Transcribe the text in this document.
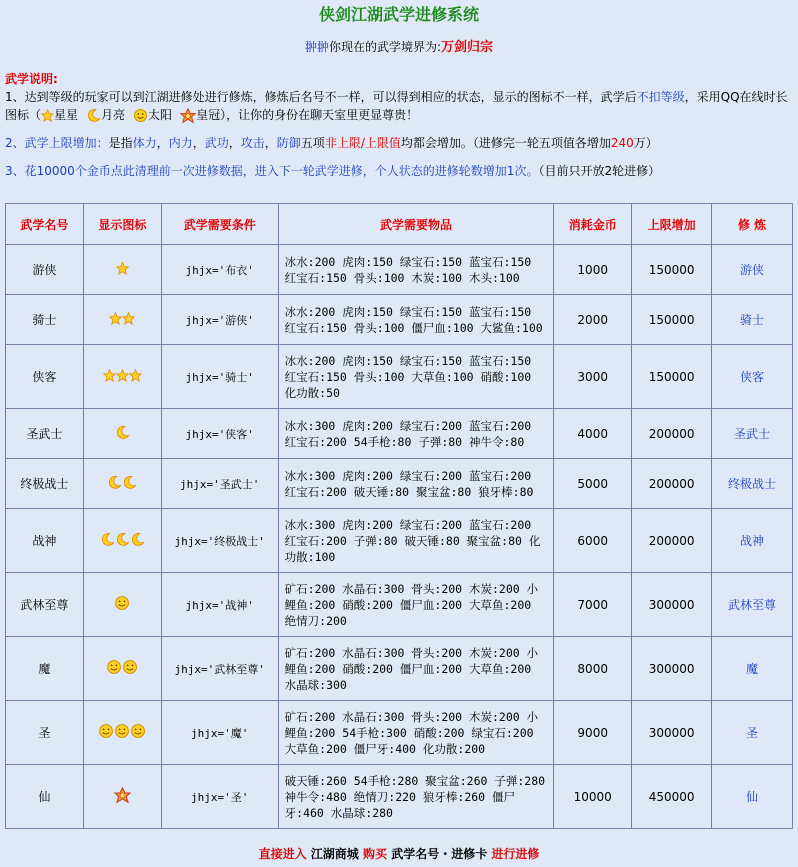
侠剑江湖武学进修系统
翀翀你现在的武学境界为:万剑归宗
武学说明:

1、达到等级的玩家可以到江湖进修处进行修炼，修炼后名号不一样，可以得到相应的状态，显示的图标不一样，武学后不扣等级，采用QQ在线时长图标（ 星星 月亮 太阳 皇冠），让你的身份在聊天室里更显尊贵！

2、武学上限增加：是指体力，内力，武功，攻击，防御五项非上限/上限值均都会增加。（进修完一轮五项值各增加240万）

3、花10000个金币点此清理前一次进修数据，进入下一轮武学进修，个人状态的进修轮数增加1次。（目前只开放2轮进修）

武学名号	显示图标	武学需要条件	武学需要物品	消耗金币	上限增加	修 炼
游侠		jhjx='布衣'	冰水:200 虎肉:150 绿宝石:150 蓝宝石:150 红宝石:150 骨头:100 木炭:100 木头:100	1000	150000	游侠
骑士		jhjx='游侠'	冰水:200 虎肉:150 绿宝石:150 蓝宝石:150 红宝石:150 骨头:100 僵尸血:100 大鲨鱼:100	2000	150000	骑士
侠客		jhjx='骑士'	冰水:200 虎肉:150 绿宝石:150 蓝宝石:150 红宝石:150 骨头:100 大草鱼:100 硝酸:100 化功散:50	3000	150000	侠客
圣武士		jhjx='侠客'	冰水:300 虎肉:200 绿宝石:200 蓝宝石:200 红宝石:200 54手枪:80 子弹:80 神牛令:80	4000	200000	圣武士
终极战士		jhjx='圣武士'	冰水:300 虎肉:200 绿宝石:200 蓝宝石:200 红宝石:200 破天锤:80 聚宝盆:80 狼牙棒:80	5000	200000	终极战士
战神		jhjx='终极战士'	冰水:300 虎肉:200 绿宝石:200 蓝宝石:200 红宝石:200 子弹:80 破天锤:80 聚宝盆:80 化功散:100	6000	200000	战神
武林至尊		jhjx='战神'	矿石:200 水晶石:300 骨头:200 木炭:200 小鲤鱼:200 硝酸:200 僵尸血:200 大草鱼:200 绝情刀:200	7000	300000	武林至尊
魔		jhjx='武林至尊'	矿石:200 水晶石:300 骨头:200 木炭:200 小鲤鱼:200 硝酸:200 僵尸血:200 大草鱼:200 水晶球:300	8000	300000	魔
圣		jhjx='魔'	矿石:200 水晶石:300 骨头:200 木炭:200 小鲤鱼:200 54手枪:300 硝酸:200 绿宝石:200 大草鱼:200 僵尸牙:400 化功散:200	9000	300000	圣
仙		jhjx='圣'	破天锤:260 54手枪:280 聚宝盆:260 子弹:280 神牛令:480 绝情刀:220 狼牙棒:260 僵尸牙:460 水晶球:280	10000	450000	仙
直接进入 江湖商城 购买 武学名号・进修卡 进行进修
